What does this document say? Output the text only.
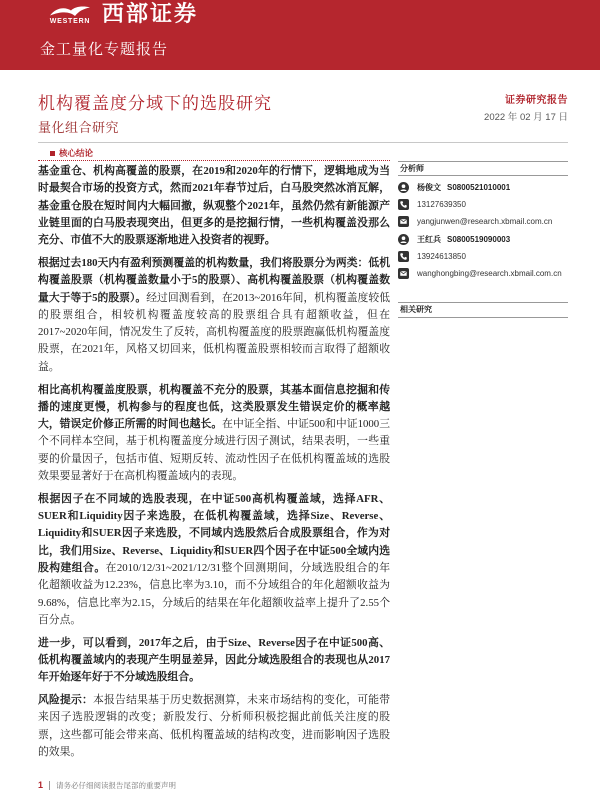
WESTERN 西部证券
金工量化专题报告
机构覆盖度分域下的选股研究
量化组合研究
证券研究报告
2022 年 02 月 17 日
核心结论

基金重仓、机构高覆盖的股票，在2019和2020年的行情下，逻辑地成为当时最契合市场的投资方式，然而2021年春节过后，白马股突然冰消瓦解，基金重仓股在短时间内大幅回撤，纵观整个2021年，虽然仍然有新能源产业链里面的白马股表现突出，但更多的是挖掘行情，一些机构覆盖没那么充分、市值不大的股票逐渐地进入投资者的视野。

根据过去180天内有盈利预测覆盖的机构数量，我们将股票分为两类：低机构覆盖股票（机构覆盖数量小于5的股票）、高机构覆盖股票（机构覆盖数量大于等于5的股票）。经过回测看到，在2013~2016年间，机构覆盖度较低的股票组合，相较机构覆盖度较高的股票组合具有超额收益，但在2017~2020年间，情况发生了反转，高机构覆盖度的股票跑赢低机构覆盖度股票，在2021年，风格又切回来，低机构覆盖股票相较而言取得了超额收益。

相比高机构覆盖度股票，机构覆盖不充分的股票，其基本面信息挖掘和传播的速度更慢，机构参与的程度也低，这类股票发生错误定价的概率越大，错误定价修正所需的时间也越长。在中证全指、中证500和中证1000三个不同样本空间，基于机构覆盖度分域进行因子测试，结果表明，一些重要的价量因子，包括市值、短期反转、流动性因子在低机构覆盖域的选股效果要显著好于在高机构覆盖域内的表现。

根据因子在不同域的选股表现，在中证500高机构覆盖域，选择AFR、SUER和Liquidity因子来选股，在低机构覆盖域，选择Size、Reverse、Liquidity和SUER因子来选股，不同域内选股然后合成股票组合，作为对比，我们用Size、Reverse、Liquidity和SUER四个因子在中证500全域内选股构建组合。在2010/12/31~2021/12/31整个回测期间，分域选股组合的年化超额收益为12.23%，信息比率为3.10，而不分域组合的年化超额收益为9.68%，信息比率为2.15，分域后的结果在年化超额收益率上提升了2.55个百分点。

进一步，可以看到，2017年之后，由于Size、Reverse因子在中证500高、低机构覆盖域内的表现产生明显差异，因此分域选股组合的表现也从2017年开始逐年好于不分域选股组合。

风险提示：本报告结果基于历史数据测算，未来市场结构的变化，可能带来因子选股逻辑的改变；新股发行、分析师积极挖掘此前低关注度的股票，这些都可能会带来高、低机构覆盖域的结构改变，进而影响因子选股的效果。

分析师
杨俊文 S0800521010001
13127639350
yangjunwen@research.xbmail.com.cn
王红兵 S0800519090003
13924613850
wanghongbing@research.xbmail.com.cn
相关研究
1 请务必仔细阅读报告尾部的重要声明
